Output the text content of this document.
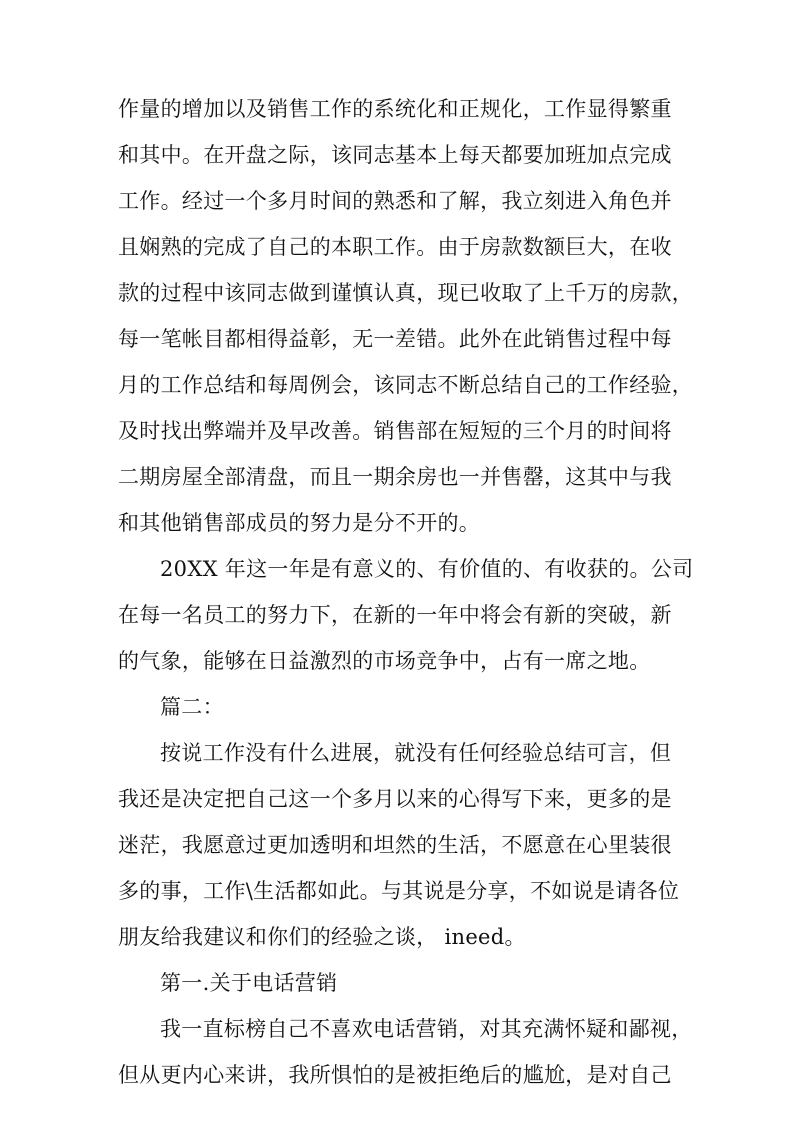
作量的增加以及销售工作的系统化和正规化，工作显得繁重
和其中。在开盘之际，该同志基本上每天都要加班加点完成
工作。经过一个多月时间的熟悉和了解，我立刻进入角色并
且娴熟的完成了自己的本职工作。由于房款数额巨大，在收
款的过程中该同志做到谨慎认真，现已收取了上千万的房款，
每一笔帐目都相得益彰，无一差错。此外在此销售过程中每
月的工作总结和每周例会，该同志不断总结自己的工作经验，
及时找出弊端并及早改善。销售部在短短的三个月的时间将
二期房屋全部清盘，而且一期余房也一并售罄，这其中与我
和其他销售部成员的努力是分不开的。
20XX 年这一年是有意义的、有价值的、有收获的。公司
在每一名员工的努力下，在新的一年中将会有新的突破，新
的气象，能够在日益激烈的市场竞争中，占有一席之地。
篇二：
按说工作没有什么进展，就没有任何经验总结可言，但
我还是决定把自己这一个多月以来的心得写下来，更多的是
迷茫，我愿意过更加透明和坦然的生活，不愿意在心里装很
多的事，工作\生活都如此。与其说是分享，不如说是请各位
朋友给我建议和你们的经验之谈， ineed。
第一.关于电话营销
我一直标榜自己不喜欢电话营销，对其充满怀疑和鄙视，
但从更内心来讲，我所惧怕的是被拒绝后的尴尬，是对自己
